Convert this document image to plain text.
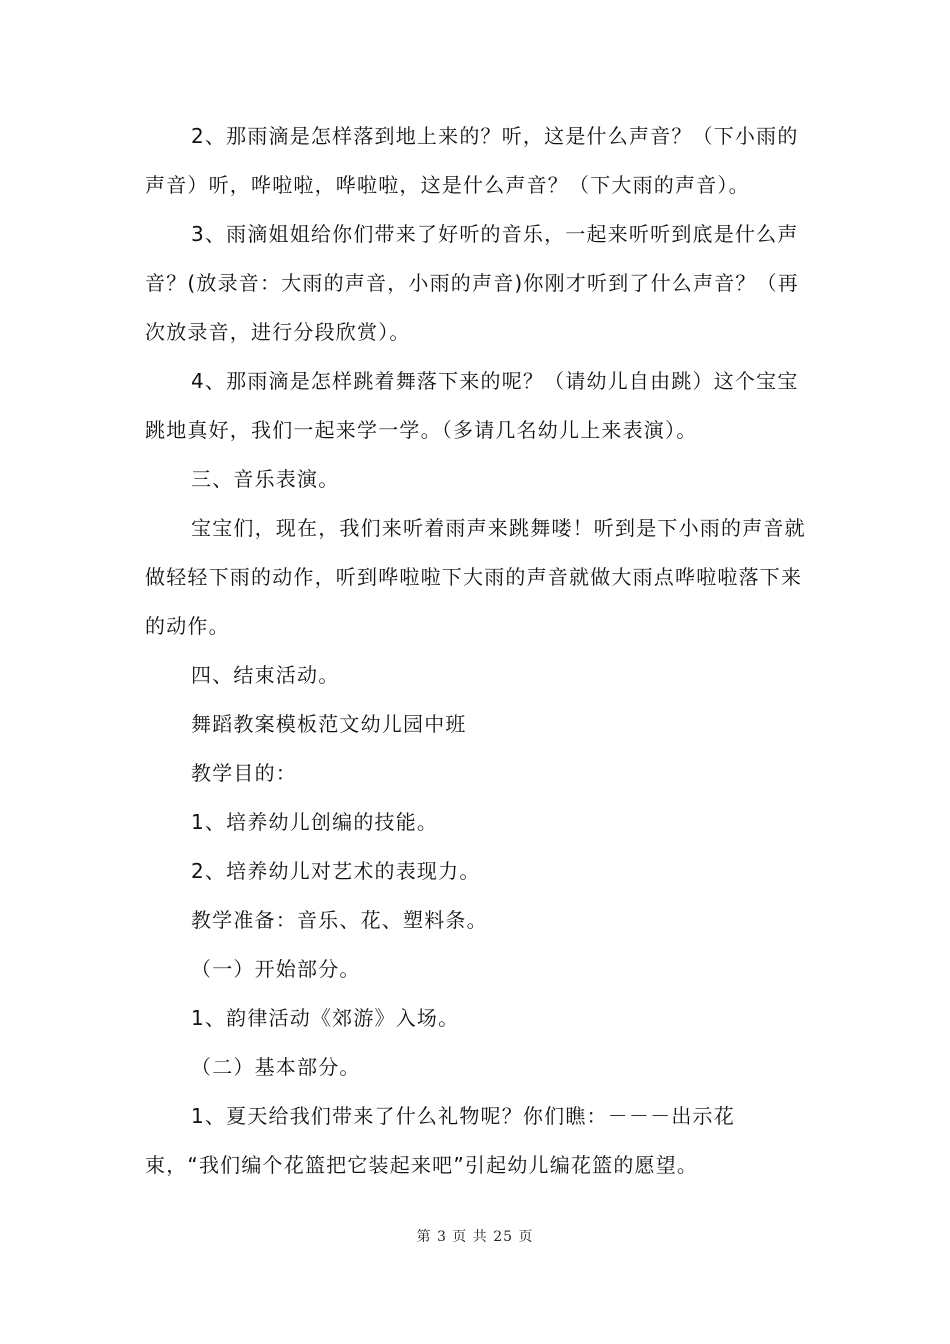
2、那雨滴是怎样落到地上来的？听，这是什么声音？（下小雨的声音）听，哗啦啦，哗啦啦，这是什么声音？（下大雨的声音）。

3、雨滴姐姐给你们带来了好听的音乐，一起来听听到底是什么声音？(放录音：大雨的声音，小雨的声音)你刚才听到了什么声音？（再次放录音，进行分段欣赏）。

4、那雨滴是怎样跳着舞落下来的呢？（请幼儿自由跳）这个宝宝跳地真好，我们一起来学一学。（多请几名幼儿上来表演）。

三、音乐表演。

宝宝们，现在，我们来听着雨声来跳舞喽！听到是下小雨的声音就做轻轻下雨的动作，听到哗啦啦下大雨的声音就做大雨点哗啦啦落下来的动作。

四、结束活动。

舞蹈教案模板范文幼儿园中班

教学目的：

1、培养幼儿创编的技能。

2、培养幼儿对艺术的表现力。

教学准备：音乐、花、塑料条。

（一）开始部分。

1、韵律活动《郊游》入场。

（二）基本部分。

1、夏天给我们带来了什么礼物呢？你们瞧：－－－出示花束，“我们编个花篮把它装起来吧”引起幼儿编花篮的愿望。

第 3 页 共 25 页
